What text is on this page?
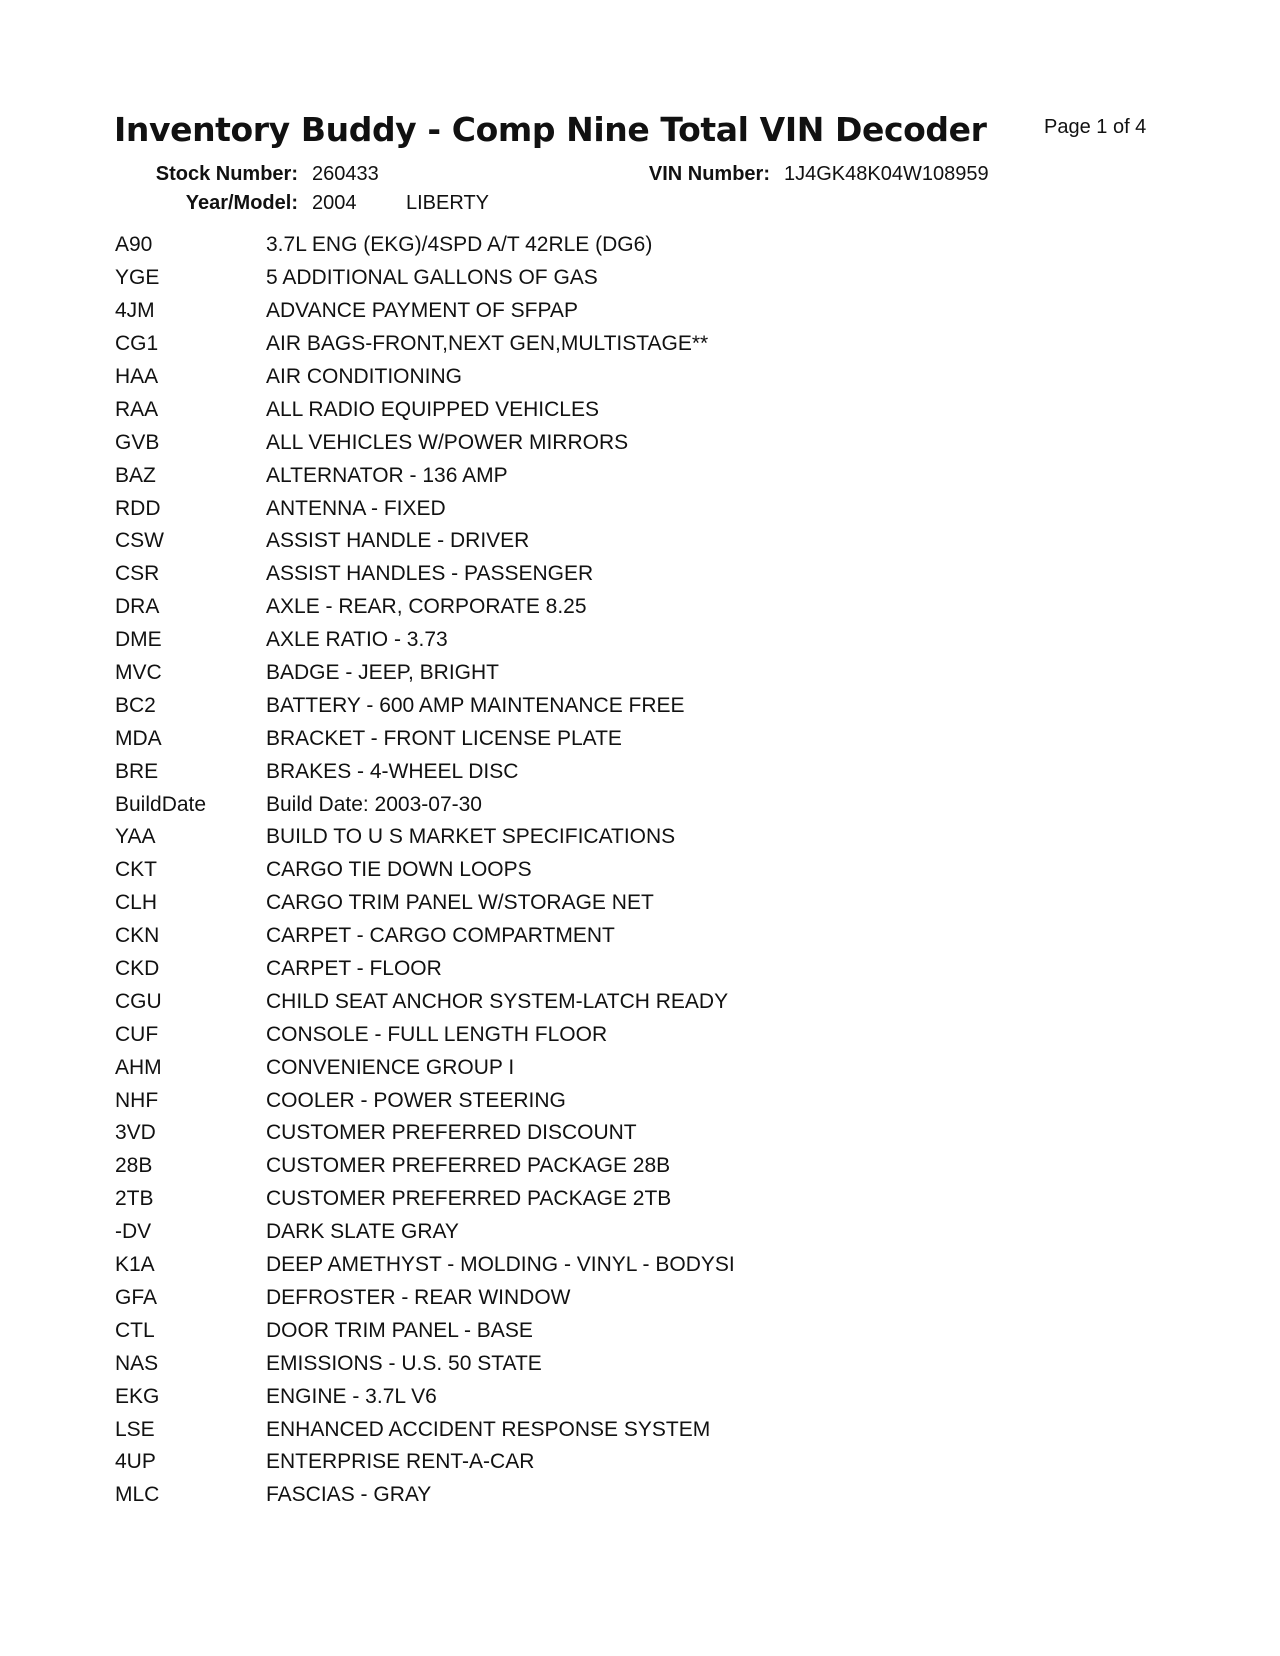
Inventory Buddy - Comp Nine Total VIN Decoder	Page 1 of 4
Stock Number: 260433	VIN Number: 1J4GK48K04W108959
Year/Model: 2004 LIBERTY
A90	3.7L ENG (EKG)/4SPD A/T 42RLE (DG6)
YGE	5 ADDITIONAL GALLONS OF GAS
4JM	ADVANCE PAYMENT OF SFPAP
CG1	AIR BAGS-FRONT,NEXT GEN,MULTISTAGE**
HAA	AIR CONDITIONING
RAA	ALL RADIO EQUIPPED VEHICLES
GVB	ALL VEHICLES W/POWER MIRRORS
BAZ	ALTERNATOR - 136 AMP
RDD	ANTENNA - FIXED
CSW	ASSIST HANDLE - DRIVER
CSR	ASSIST HANDLES - PASSENGER
DRA	AXLE - REAR, CORPORATE 8.25
DME	AXLE RATIO - 3.73
MVC	BADGE - JEEP, BRIGHT
BC2	BATTERY - 600 AMP MAINTENANCE FREE
MDA	BRACKET - FRONT LICENSE PLATE
BRE	BRAKES - 4-WHEEL DISC
BuildDate	Build Date: 2003-07-30
YAA	BUILD TO U S MARKET SPECIFICATIONS
CKT	CARGO TIE DOWN LOOPS
CLH	CARGO TRIM PANEL W/STORAGE NET
CKN	CARPET - CARGO COMPARTMENT
CKD	CARPET - FLOOR
CGU	CHILD SEAT ANCHOR SYSTEM-LATCH READY
CUF	CONSOLE - FULL LENGTH FLOOR
AHM	CONVENIENCE GROUP I
NHF	COOLER - POWER STEERING
3VD	CUSTOMER PREFERRED DISCOUNT
28B	CUSTOMER PREFERRED PACKAGE 28B
2TB	CUSTOMER PREFERRED PACKAGE 2TB
-DV	DARK SLATE GRAY
K1A	DEEP AMETHYST - MOLDING - VINYL - BODYSI
GFA	DEFROSTER - REAR WINDOW
CTL	DOOR TRIM PANEL - BASE
NAS	EMISSIONS - U.S. 50 STATE
EKG	ENGINE - 3.7L V6
LSE	ENHANCED ACCIDENT RESPONSE SYSTEM
4UP	ENTERPRISE RENT-A-CAR
MLC	FASCIAS - GRAY
